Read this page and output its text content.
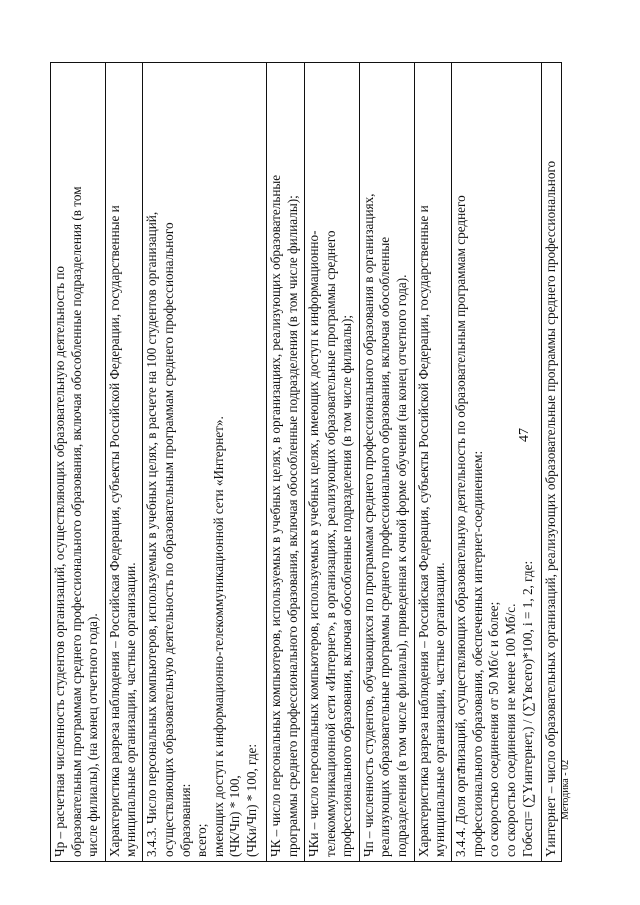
47
Чр – расчетная численность студентов организаций, осуществляющих образовательную деятельность по образовательным программам среднего профессионального образования, включая обособленные подразделения (в том числе филиалы), (на конец отчетного года).

Характеристика разреза наблюдения – Российская Федерация, субъекты Российской Федерации, государственные и муниципальные организации, частные организации.

3.4.3. Число персональных компьютеров, используемых в учебных целях, в расчете на 100 студентов организаций, осуществляющих образовательную деятельность по образовательным программам среднего профессионального образования: всего; имеющих доступ к информационно-телекоммуникационной сети «Интернет». (ЧК/Чп) * 100, (ЧКи/Чп) * 100, где:

ЧК – число персональных компьютеров, используемых в учебных целях, в организациях, реализующих образовательные программы среднего профессионального образования, включая обособленные подразделения (в том числе филиалы);

ЧКи – число персональных компьютеров, используемых в учебных целях, имеющих доступ к информационно- телекоммуникационной сети «Интернет», в организациях, реализующих образовательные программы среднего профессионального образования, включая обособленные подразделения (в том числе филиалы);

Чп – численность студентов, обучающихся по программам среднего профессионального образования в организациях, реализующих образовательные программы среднего профессионального образования, включая обособленные подразделения (в том числе филиалы), приведенная к очной форме обучения (на конец отчетного года).

Характеристика разреза наблюдения – Российская Федерация, субъекты Российской Федерации, государственные и муниципальные организации, частные организации.

3.4.4. Доля организаций, осуществляющих образовательную деятельность по образовательным программам среднего профессионального образования, обеспеченных интернет-соединением: со скоростью соединения от 50 Мб/с и более; со скоростью соединения не менее 100 Мб/с. Гобесп= (∑Yинтернет,) / (∑Yвсего)*100, i = 1, 2, где:

Yинтернет – число образовательных организаций, реализующих образовательные программы среднего профессионального Методика - 02
